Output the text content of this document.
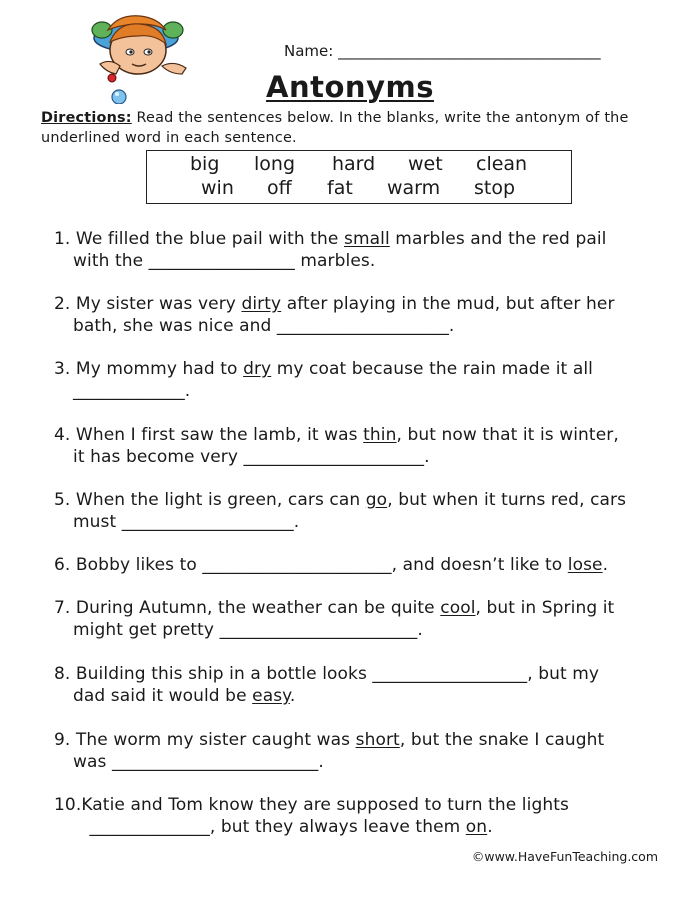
Name: ___________________________________
Antonyms
Directions: Read the sentences below. In the blanks, write the antonym of the underlined word in each sentence.
big long hard wet clean
win off fat warm stop
1. We filled the blue pail with the small marbles and the red pail
with the _________________ marbles.
2. My sister was very dirty after playing in the mud, but after her
bath, she was nice and ____________________.
3. My mommy had to dry my coat because the rain made it all
_____________.
4. When I first saw the lamb, it was thin, but now that it is winter,
it has become very _____________________.
5. When the light is green, cars can go, but when it turns red, cars
must ____________________.
6. Bobby likes to ______________________, and doesn’t like to lose.
7. During Autumn, the weather can be quite cool, but in Spring it
might get pretty _______________________.
8. Building this ship in a bottle looks __________________, but my
dad said it would be easy.
9. The worm my sister caught was short, but the snake I caught
was ________________________.
10.Katie and Tom know they are supposed to turn the lights
______________, but they always leave them on.
©www.HaveFunTeaching.com
